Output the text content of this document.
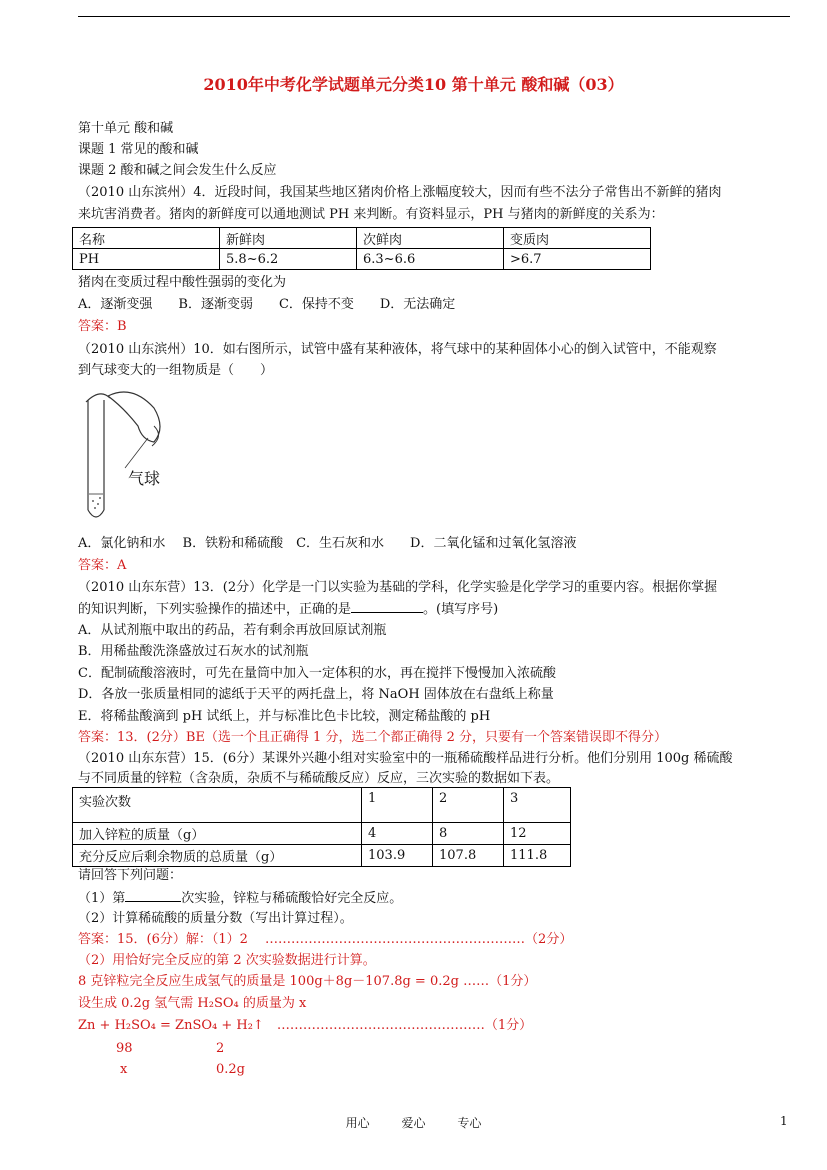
2010年中考化学试题单元分类10 第十单元 酸和碱（03）
第十单元 酸和碱
课题 1 常见的酸和碱
课题 2 酸和碱之间会发生什么反应
（2010 山东滨州）4．近段时间，我国某些地区猪肉价格上涨幅度较大，因而有些不法分子常售出不新鲜的猪肉
来坑害消费者。猪肉的新鲜度可以通地测试 PH 来判断。有资料显示，PH 与猪肉的新鲜度的关系为：
名称	新鲜肉	次鲜肉	变质肉
PH	5.8~6.2	6.3~6.6	>6.7
猪肉在变质过程中酸性强弱的变化为
A．逐渐变强　　B．逐渐变弱　　C．保持不变　　D．无法确定
答案：B
（2010 山东滨州）10．如右图所示，试管中盛有某种液体，将气球中的某种固体小心的倒入试管中，不能观察
到气球变大的一组物质是（　　）
气球
A．氯化钠和水　 B．铁粉和稀硫酸　C．生石灰和水　　D．二氧化锰和过氧化氢溶液
答案：A
（2010 山东东营）13．(2分）化学是一门以实验为基础的学科，化学实验是化学学习的重要内容。根据你掌握
的知识判断，下列实验操作的描述中，正确的是	。(填写序号)
A．从试剂瓶中取出的药品，若有剩余再放回原试剂瓶
B．用稀盐酸洗涤盛放过石灰水的试剂瓶
C．配制硫酸溶液时，可先在量筒中加入一定体积的水，再在搅拌下慢慢加入浓硫酸
D．各放一张质量相同的滤纸于天平的两托盘上，将 NaOH 固体放在右盘纸上称量
E．将稀盐酸滴到 pH 试纸上，并与标准比色卡比较，测定稀盐酸的 pH
答案：13．(2分）BE（选一个且正确得 1 分，选二个都正确得 2 分，只要有一个答案错误即不得分）
（2010 山东东营）15．(6分）某课外兴趣小组对实验室中的一瓶稀硫酸样品进行分析。他们分别用 100g 稀硫酸
与不同质量的锌粒（含杂质，杂质不与稀硫酸反应）反应，三次实验的数据如下表。
实验次数	1	2	3
加入锌粒的质量（g）	4	8	12
充分反应后剩余物质的总质量（g）	103.9	107.8	111.8
请回答下列问题：
（1）第	次实验，锌粒与稀硫酸恰好完全反应。
（2）计算稀硫酸的质量分数（写出计算过程）。
答案：15．(6分）解：（1）2　 ……………………………………………………（2分）
（2）用恰好完全反应的第 2 次实验数据进行计算。
8 克锌粒完全反应生成氢气的质量是 100g＋8g－107.8g = 0.2g ……（1分）
设生成 0.2g 氢气需 H₂SO₄ 的质量为 x
Zn + H₂SO₄ = ZnSO₄ + H₂↑　…………………………………………（1分）
98	2
x	0.2g
用心	爱心	专心	1
